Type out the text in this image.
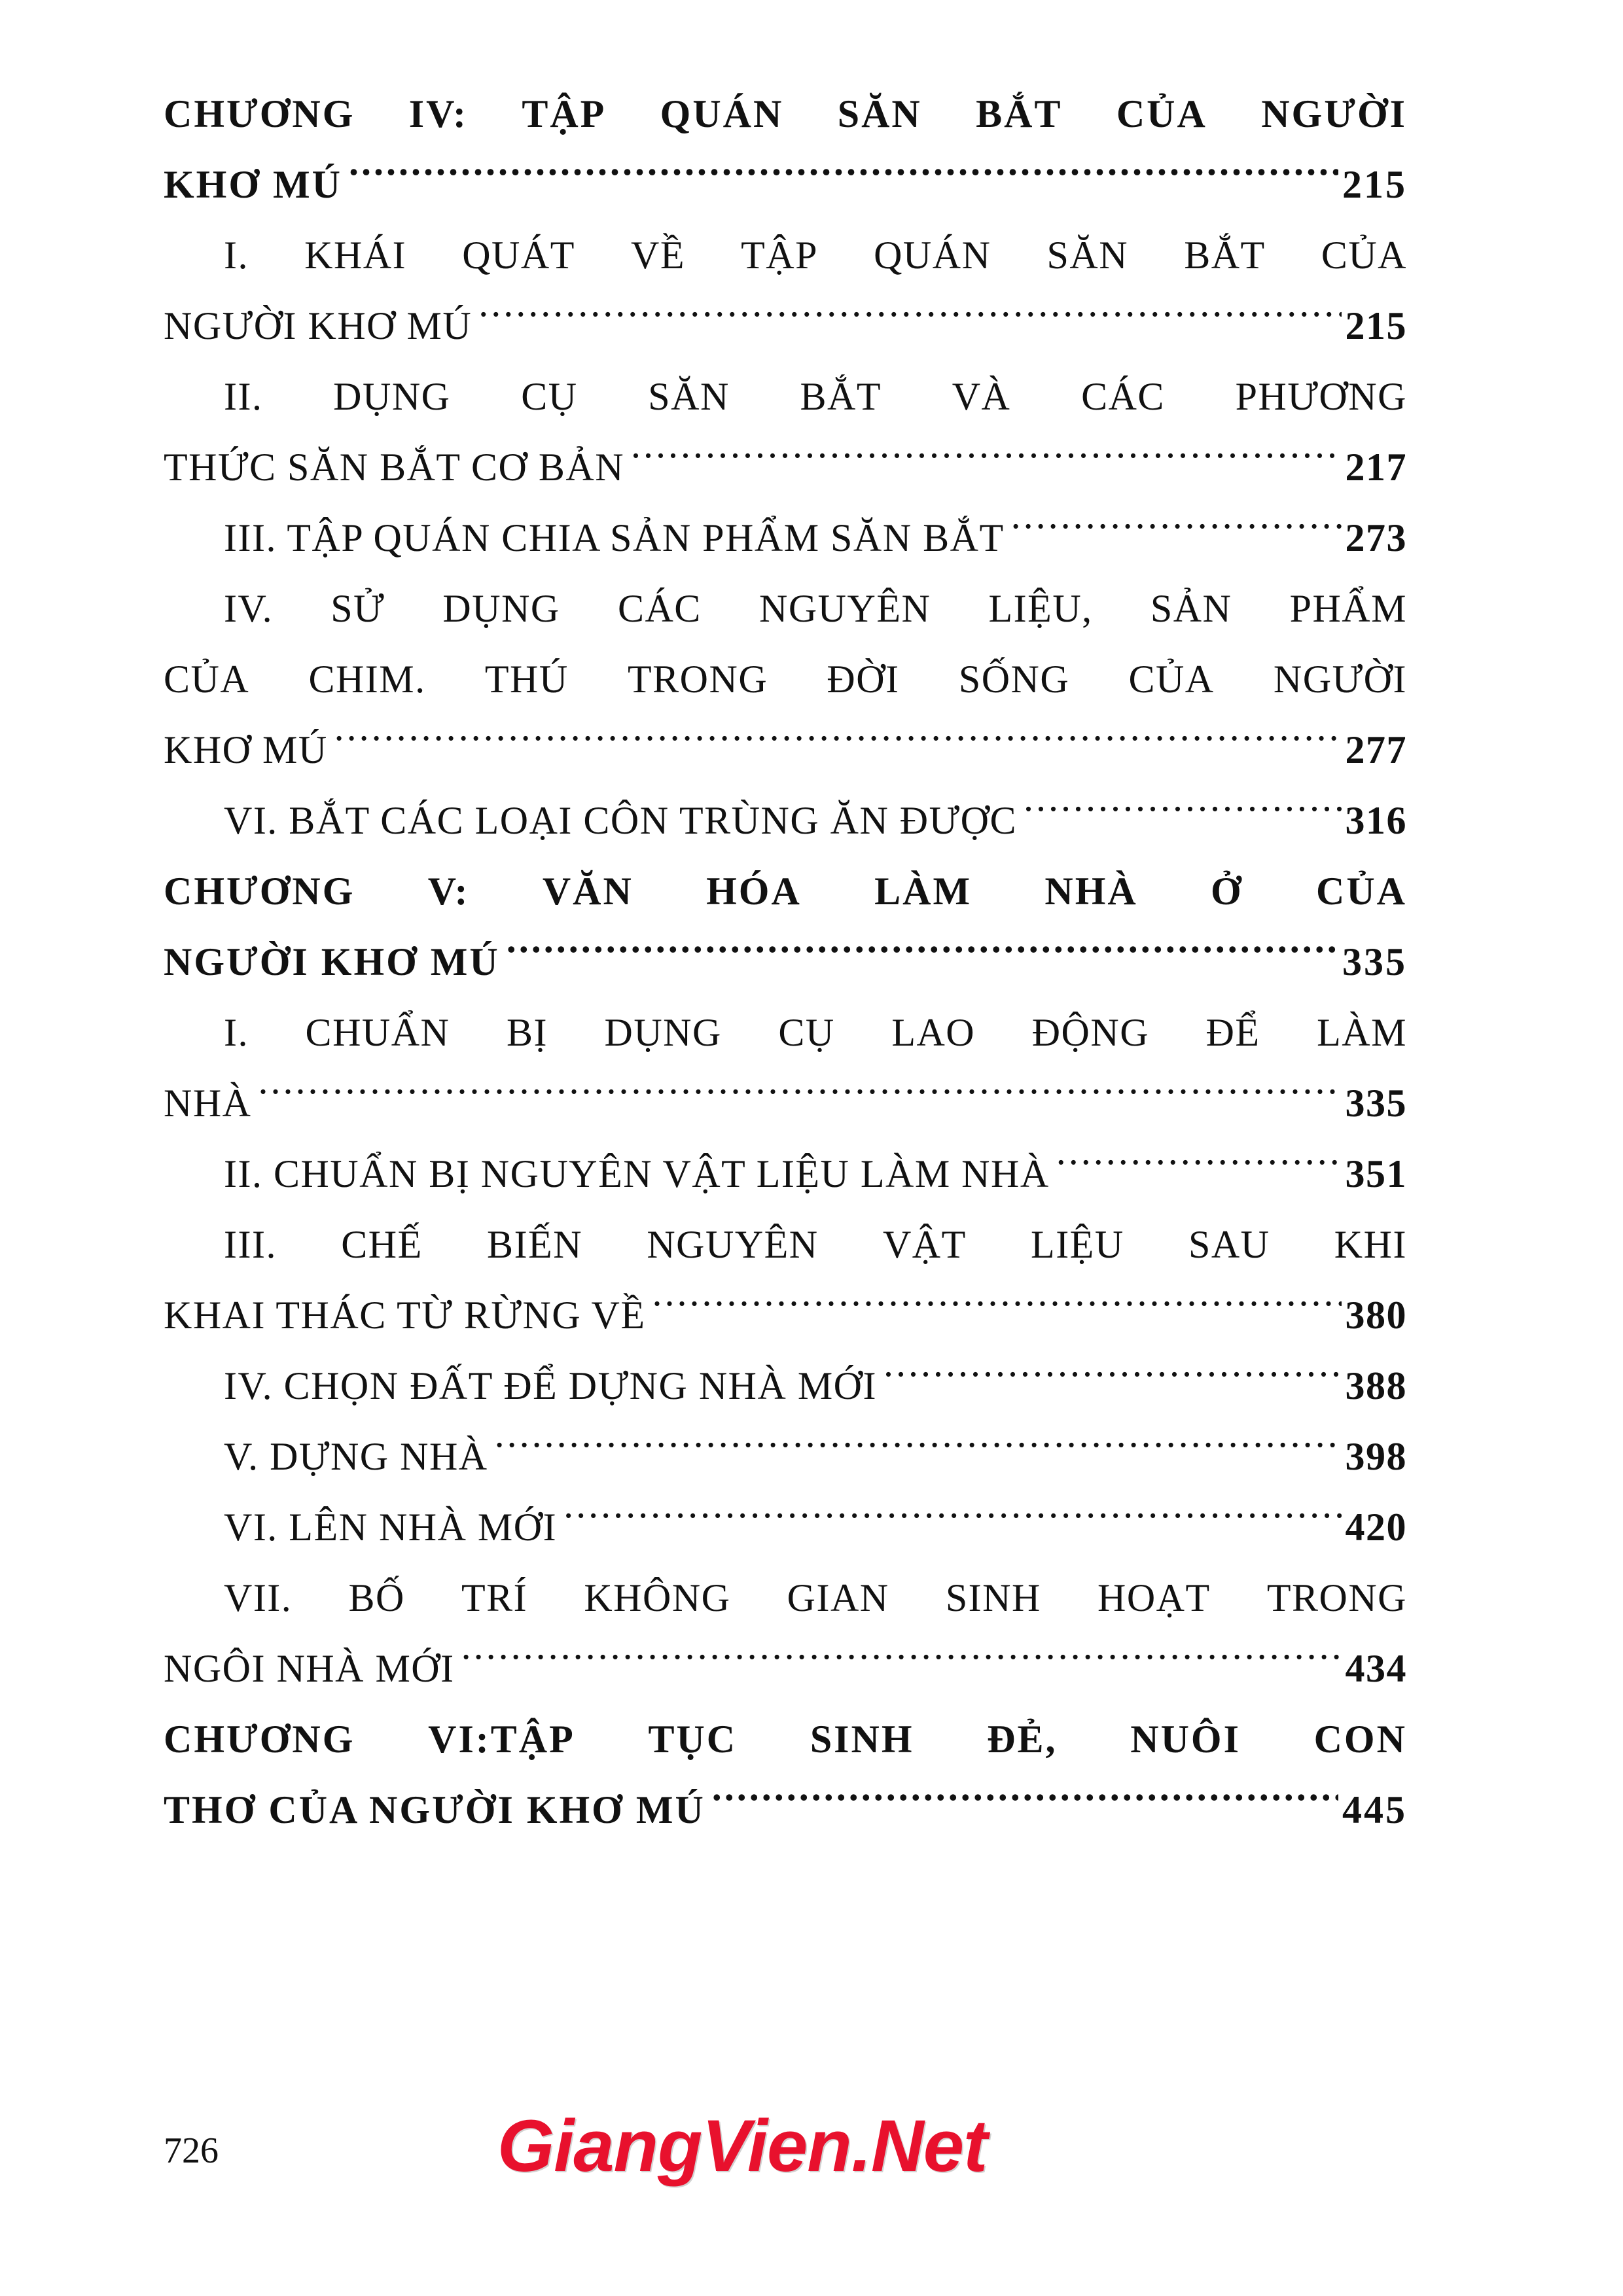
CHƯƠNG IV: TẬP QUÁN SĂN BẮT CỦA NGƯỜI
KHƠ MÚ .....	215
I. KHÁI QUÁT VỀ TẬP QUÁN SĂN BẮT CỦA
NGƯỜI KHƠ MÚ .....	215
II. DỤNG CỤ SĂN BẮT VÀ CÁC PHƯƠNG
THỨC SĂN BẮT CƠ BẢN .....	217
III. TẬP QUÁN CHIA SẢN PHẨM SĂN BẮT .....	273
IV. SỬ DỤNG CÁC NGUYÊN LIỆU, SẢN PHẨM
CỦA CHIM. THÚ TRONG ĐỜI SỐNG CỦA NGƯỜI
KHƠ MÚ .....	277
VI. BẮT CÁC LOẠI CÔN TRÙNG ĂN ĐƯỢC .....	316
CHƯƠNG V: VĂN HÓA LÀM NHÀ Ở CỦA
NGƯỜI KHƠ MÚ .....	335
I. CHUẨN BỊ DỤNG CỤ LAO ĐỘNG ĐỂ LÀM
NHÀ .....	335
II. CHUẨN BỊ NGUYÊN VẬT LIỆU LÀM NHÀ .....	351
III. CHẾ BIẾN NGUYÊN VẬT LIỆU SAU KHI
KHAI THÁC TỪ RỪNG VỀ .....	380
IV. CHỌN ĐẤT ĐỂ DỰNG NHÀ MỚI .....	388
V. DỰNG NHÀ .....	398
VI. LÊN NHÀ MỚI .....	420
VII. BỐ TRÍ KHÔNG GIAN SINH HOẠT TRONG
NGÔI NHÀ MỚI .....	434
CHƯƠNG VI:TẬP TỤC SINH ĐẺ, NUÔI CON
THƠ CỦA NGƯỜI KHƠ MÚ .....	445
726	GiangVien.Net
